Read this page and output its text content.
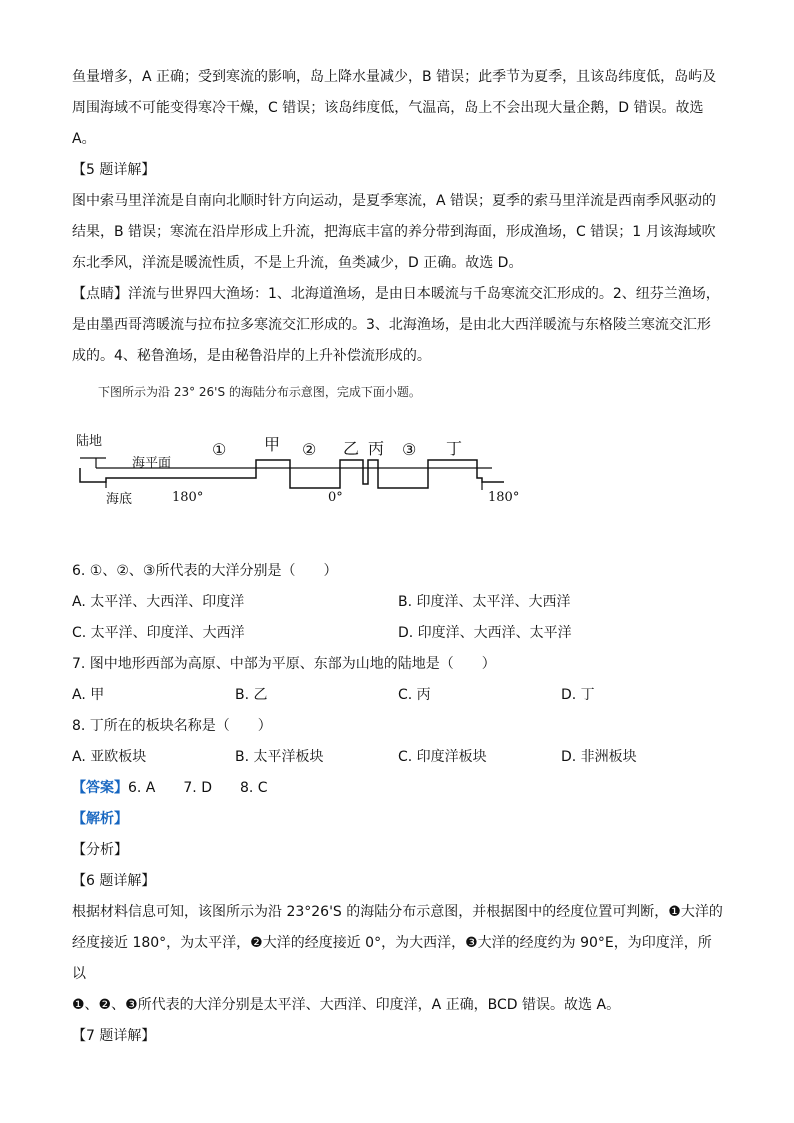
鱼量增多，A 正确；受到寒流的影响，岛上降水量减少，B 错误；此季节为夏季，且该岛纬度低，岛屿及

周围海域不可能变得寒冷干燥，C 错误；该岛纬度低，气温高，岛上不会出现大量企鹅，D 错误。故选

A。

【5 题详解】

图中索马里洋流是自南向北顺时针方向运动，是夏季寒流，A 错误；夏季的索马里洋流是西南季风驱动的

结果，B 错误；寒流在沿岸形成上升流，把海底丰富的养分带到海面，形成渔场，C 错误；1 月该海域吹

东北季风，洋流是暖流性质，不是上升流，鱼类减少，D 正确。故选 D。

【点睛】洋流与世界四大渔场：1、北海道渔场，是由日本暖流与千岛寒流交汇形成的。2、纽芬兰渔场，

是由墨西哥湾暖流与拉布拉多寒流交汇形成的。3、北海渔场，是由北大西洋暖流与东格陵兰寒流交汇形

成的。4、秘鲁渔场，是由秘鲁沿岸的上升补偿流形成的。

下图所示为沿 23° 26'S 的海陆分布示意图，完成下面小题。

陆地
海平面
海底	180°	0°	180°
①	②	③
甲	乙 丙	丁

6. ①、②、③所代表的大洋分别是（　　）

A. 太平洋、大西洋、印度洋	B. 印度洋、太平洋、大西洋
C. 太平洋、印度洋、大西洋	D. 印度洋、大西洋、太平洋

7. 图中地形西部为高原、中部为平原、东部为山地的陆地是（　　）

A. 甲	B. 乙	C. 丙	D. 丁

8. 丁所在的板块名称是（　　）

A. 亚欧板块	B. 太平洋板块	C. 印度洋板块	D. 非洲板块

【答案】6. A　　7. D　　8. C

【解析】

【分析】

【6 题详解】

根据材料信息可知，该图所示为沿 23°26'S 的海陆分布示意图，并根据图中的经度位置可判断，❶大洋的

经度接近 180°，为太平洋，❷大洋的经度接近 0°，为大西洋，❸大洋的经度约为 90°E，为印度洋，所以

❶、❷、❸所代表的大洋分别是太平洋、大西洋、印度洋，A 正确，BCD 错误。故选 A。

【7 题详解】
